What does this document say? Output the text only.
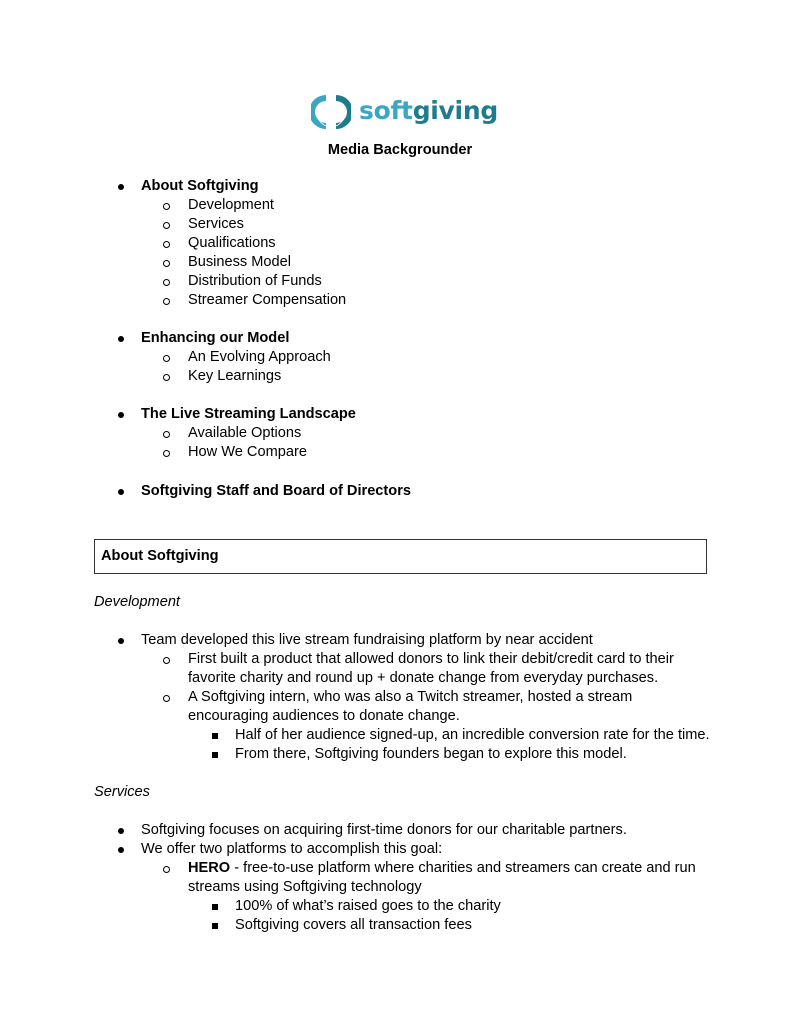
softgiving
Media Backgrounder
About Softgiving
Development
Services
Qualifications
Business Model
Distribution of Funds
Streamer Compensation
Enhancing our Model
An Evolving Approach
Key Learnings
The Live Streaming Landscape
Available Options
How We Compare
Softgiving Staff and Board of Directors
About Softgiving
Development
Team developed this live stream fundraising platform by near accident
First built a product that allowed donors to link their debit/credit card to their
favorite charity and round up + donate change from everyday purchases.
A Softgiving intern, who was also a Twitch streamer, hosted a stream
encouraging audiences to donate change.
Half of her audience signed-up, an incredible conversion rate for the time.
From there, Softgiving founders began to explore this model.
Services
Softgiving focuses on acquiring first-time donors for our charitable partners.
We offer two platforms to accomplish this goal:
HERO - free-to-use platform where charities and streamers can create and run
streams using Softgiving technology
100% of what’s raised goes to the charity
Softgiving covers all transaction fees
